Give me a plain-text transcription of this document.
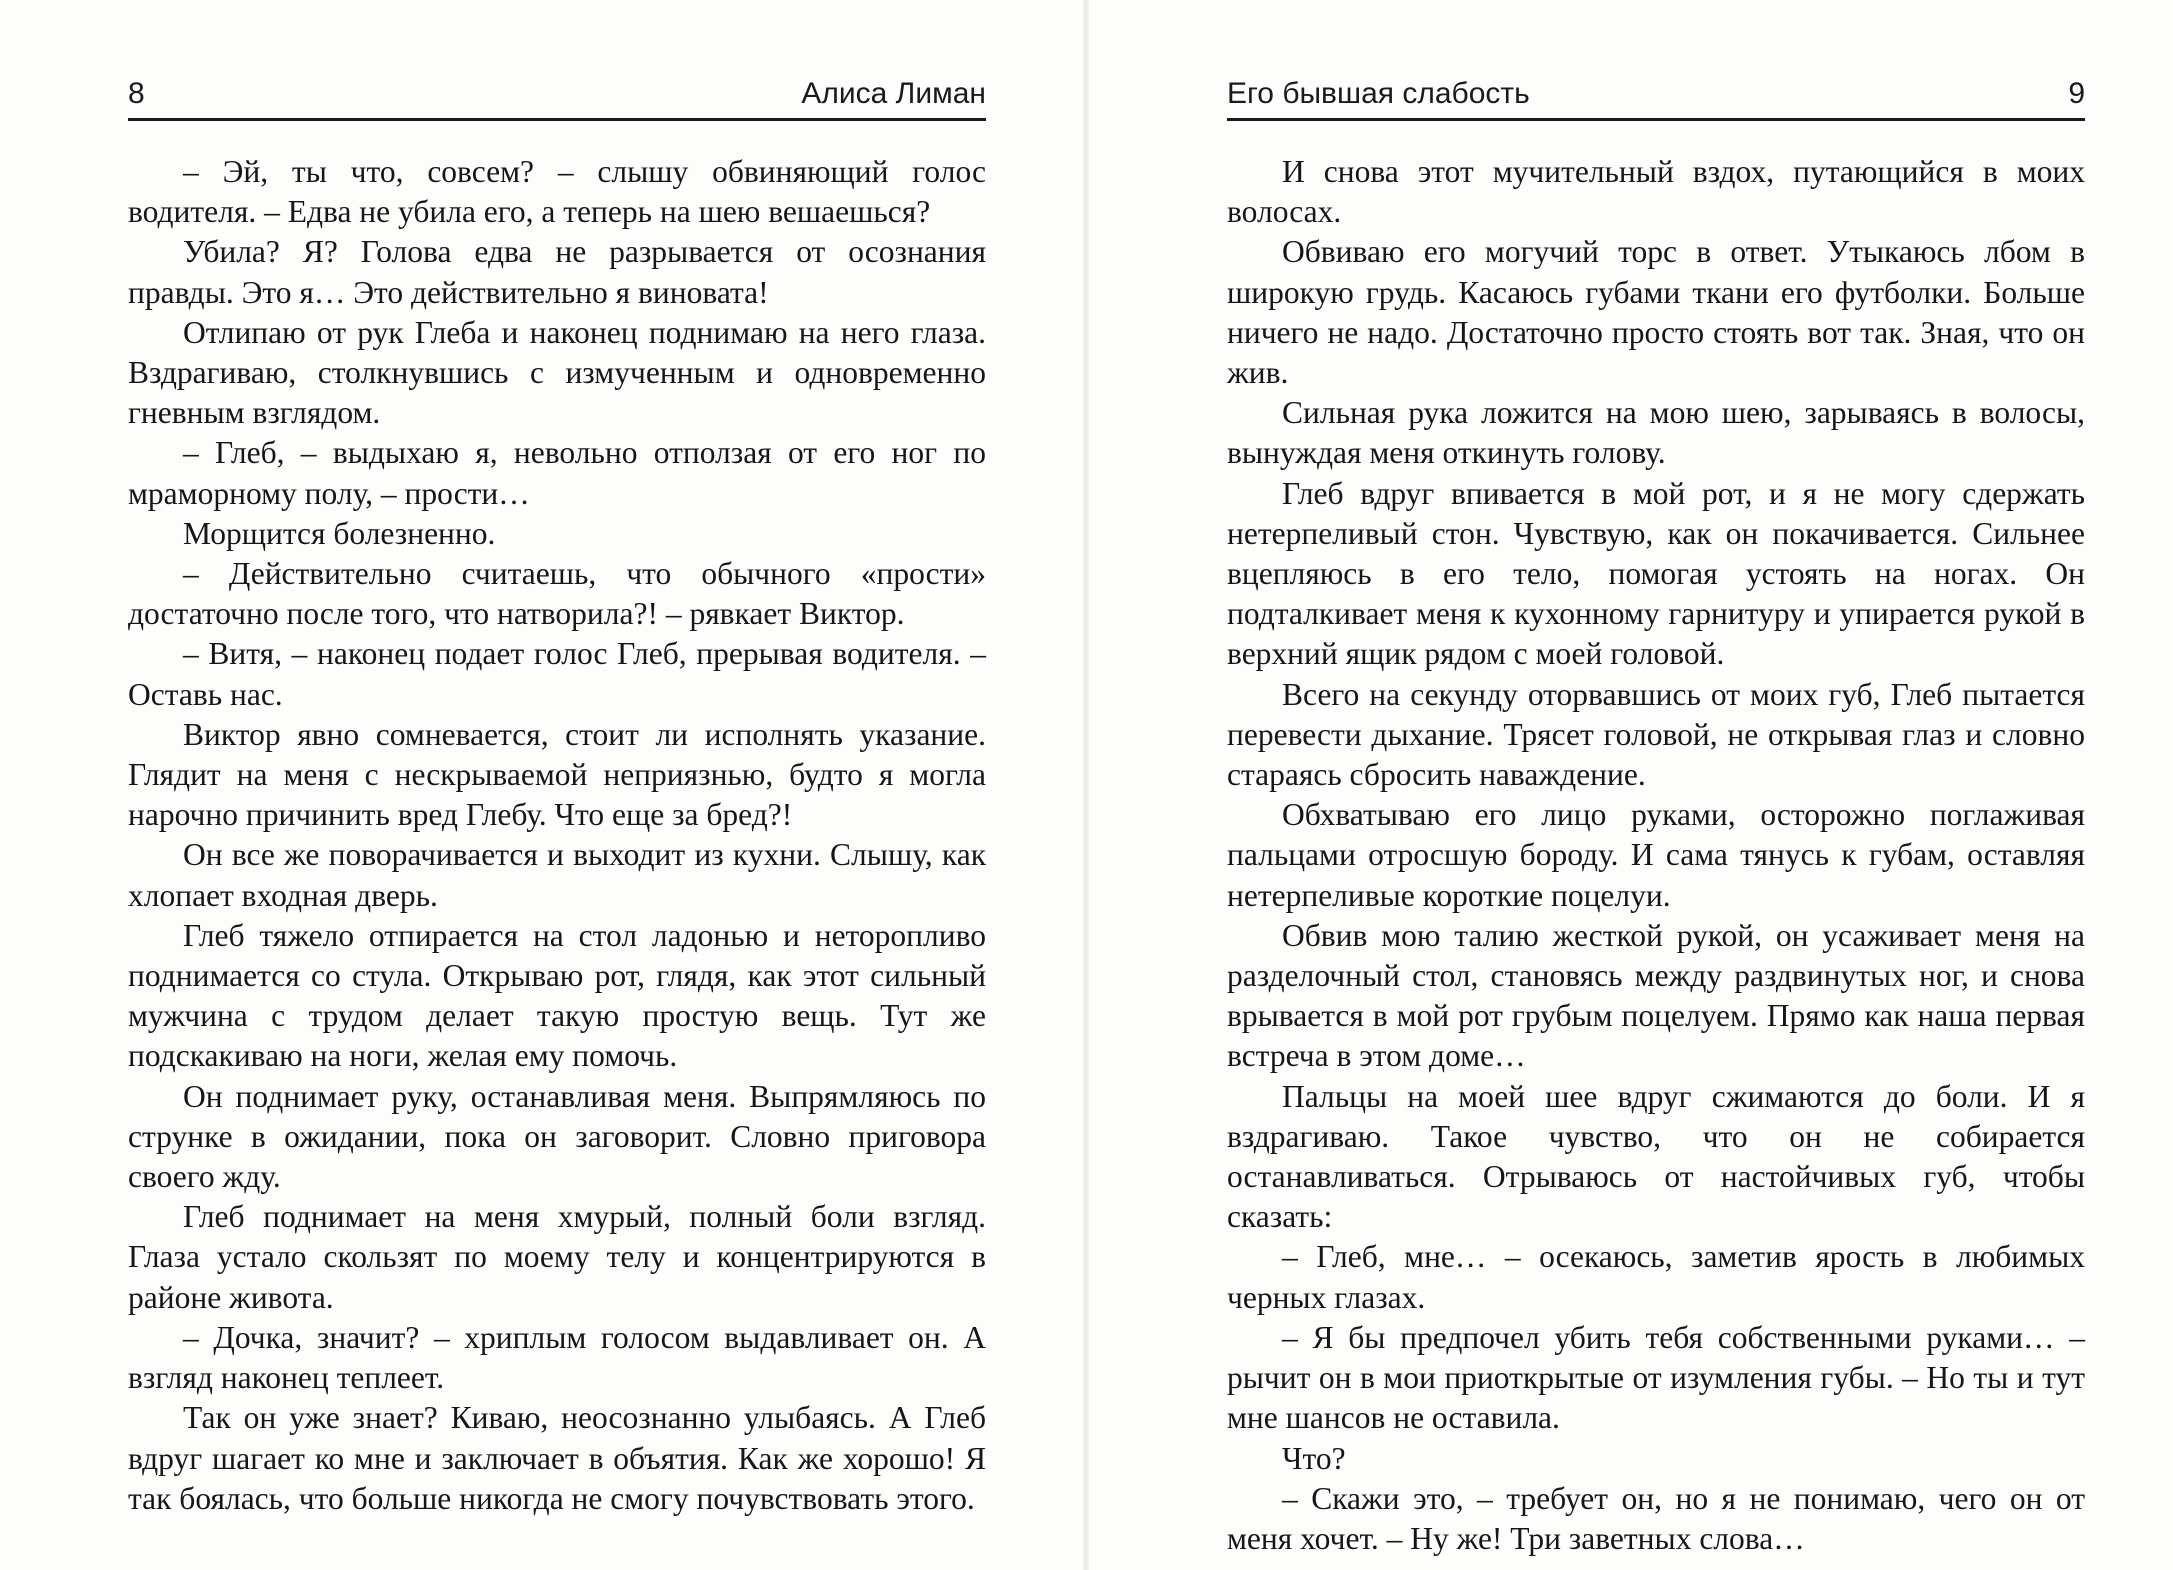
8	Алиса Лиман

– Эй, ты что, совсем? – слышу обвиняющий голос водителя. – Едва не убила его, а теперь на шею вешаешься?

Убила? Я? Голова едва не разрывается от осознания правды. Это я… Это действительно я виновата!

Отлипаю от рук Глеба и наконец поднимаю на него глаза. Вздрагиваю, столкнувшись с измученным и одновременно гневным взглядом.

– Глеб, – выдыхаю я, невольно отползая от его ног по мраморному полу, – прости…

Морщится болезненно.

– Действительно считаешь, что обычного «прости» достаточно после того, что натворила?! – рявкает Виктор.

– Витя, – наконец подает голос Глеб, прерывая водителя. – Оставь нас.

Виктор явно сомневается, стоит ли исполнять указание. Глядит на меня с нескрываемой неприязнью, будто я могла нарочно причинить вред Глебу. Что еще за бред?!

Он все же поворачивается и выходит из кухни. Слышу, как хлопает входная дверь.

Глеб тяжело отпирается на стол ладонью и неторопливо поднимается со стула. Открываю рот, глядя, как этот сильный мужчина с трудом делает такую простую вещь. Тут же подскакиваю на ноги, желая ему помочь.

Он поднимает руку, останавливая меня. Выпрямляюсь по струнке в ожидании, пока он заговорит. Словно приговора своего жду.

Глеб поднимает на меня хмурый, полный боли взгляд. Глаза устало скользят по моему телу и концентрируются в районе живота.

– Дочка, значит? – хриплым голосом выдавливает он. А взгляд наконец теплеет.

Так он уже знает? Киваю, неосознанно улыбаясь. А Глеб вдруг шагает ко мне и заключает в объятия. Как же хорошо! Я так боялась, что больше никогда не смогу почувствовать этого.

Его бывшая слабость	9

И снова этот мучительный вздох, путающийся в моих волосах.

Обвиваю его могучий торс в ответ. Утыкаюсь лбом в широкую грудь. Касаюсь губами ткани его футболки. Больше ничего не надо. Достаточно просто стоять вот так. Зная, что он жив.

Сильная рука ложится на мою шею, зарываясь в волосы, вынуждая меня откинуть голову.

Глеб вдруг впивается в мой рот, и я не могу сдержать нетерпеливый стон. Чувствую, как он покачивается. Сильнее вцепляюсь в его тело, помогая устоять на ногах. Он подталкивает меня к кухонному гарнитуру и упирается рукой в верхний ящик рядом с моей головой.

Всего на секунду оторвавшись от моих губ, Глеб пытается перевести дыхание. Трясет головой, не открывая глаз и словно стараясь сбросить наваждение.

Обхватываю его лицо руками, осторожно поглаживая пальцами отросшую бороду. И сама тянусь к губам, оставляя нетерпеливые короткие поцелуи.

Обвив мою талию жесткой рукой, он усаживает меня на разделочный стол, становясь между раздвинутых ног, и снова врывается в мой рот грубым поцелуем. Прямо как наша первая встреча в этом доме…

Пальцы на моей шее вдруг сжимаются до боли. И я вздрагиваю. Такое чувство, что он не собирается останавливаться. Отрываюсь от настойчивых губ, чтобы сказать:

– Глеб, мне… – осекаюсь, заметив ярость в любимых черных глазах.

– Я бы предпочел убить тебя собственными руками… – рычит он в мои приоткрытые от изумления губы. – Но ты и тут мне шансов не оставила.

Что?

– Скажи это, – требует он, но я не понимаю, чего он от меня хочет. – Ну же! Три заветных слова…
